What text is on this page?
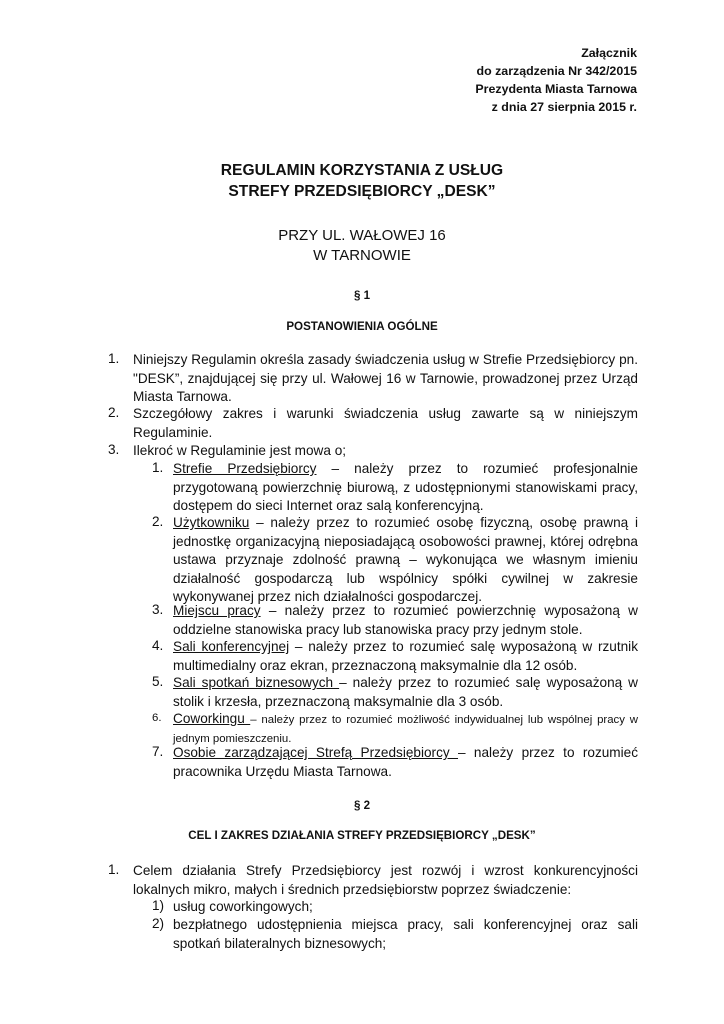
Załącznik
do zarządzenia Nr 342/2015
Prezydenta Miasta Tarnowa
z dnia 27 sierpnia 2015 r.
REGULAMIN KORZYSTANIA Z USŁUG
STREFY PRZEDSIĘBIORCY „DESK”
PRZY UL. WAŁOWEJ 16
W TARNOWIE
§ 1
POSTANOWIENIA OGÓLNE
1. Niniejszy Regulamin określa zasady świadczenia usług w Strefie Przedsiębiorcy pn. "DESK”, znajdującej się przy ul. Wałowej 16 w Tarnowie, prowadzonej przez Urząd Miasta Tarnowa.
2. Szczegółowy zakres i warunki świadczenia usług zawarte są w niniejszym Regulaminie.
3. Ilekroć w Regulaminie jest mowa o;
1. Strefie Przedsiębiorcy – należy przez to rozumieć profesjonalnie przygotowaną powierzchnię biurową, z udostępnionymi stanowiskami pracy, dostępem do sieci Internet oraz salą konferencyjną.
2. Użytkowniku – należy przez to rozumieć osobę fizyczną, osobę prawną i jednostkę organizacyjną nieposiadającą osobowości prawnej, której odrębna ustawa przyznaje zdolność prawną – wykonująca we własnym imieniu działalność gospodarczą lub wspólnicy spółki cywilnej w zakresie wykonywanej przez nich działalności gospodarczej.
3. Miejscu pracy – należy przez to rozumieć powierzchnię wyposażoną w oddzielne stanowiska pracy lub stanowiska pracy przy jednym stole.
4. Sali konferencyjnej – należy przez to rozumieć salę wyposażoną w rzutnik multimedialny oraz ekran, przeznaczoną maksymalnie dla 12 osób.
5. Sali spotkań biznesowych – należy przez to rozumieć salę wyposażoną w stolik i krzesła, przeznaczoną maksymalnie dla 3 osób.
6. Coworkingu – należy przez to rozumieć możliwość indywidualnej lub wspólnej pracy w jednym pomieszczeniu.
7. Osobie zarządzającej Strefą Przedsiębiorcy – należy przez to rozumieć pracownika Urzędu Miasta Tarnowa.
§ 2
CEL I ZAKRES DZIAŁANIA STREFY PRZEDSIĘBIORCY „DESK”
1. Celem działania Strefy Przedsiębiorcy jest rozwój i wzrost konkurencyjności lokalnych mikro, małych i średnich przedsiębiorstw poprzez świadczenie:
1) usług coworkingowych;
2) bezpłatnego udostępnienia miejsca pracy, sali konferencyjnej oraz sali spotkań bilateralnych biznesowych;
